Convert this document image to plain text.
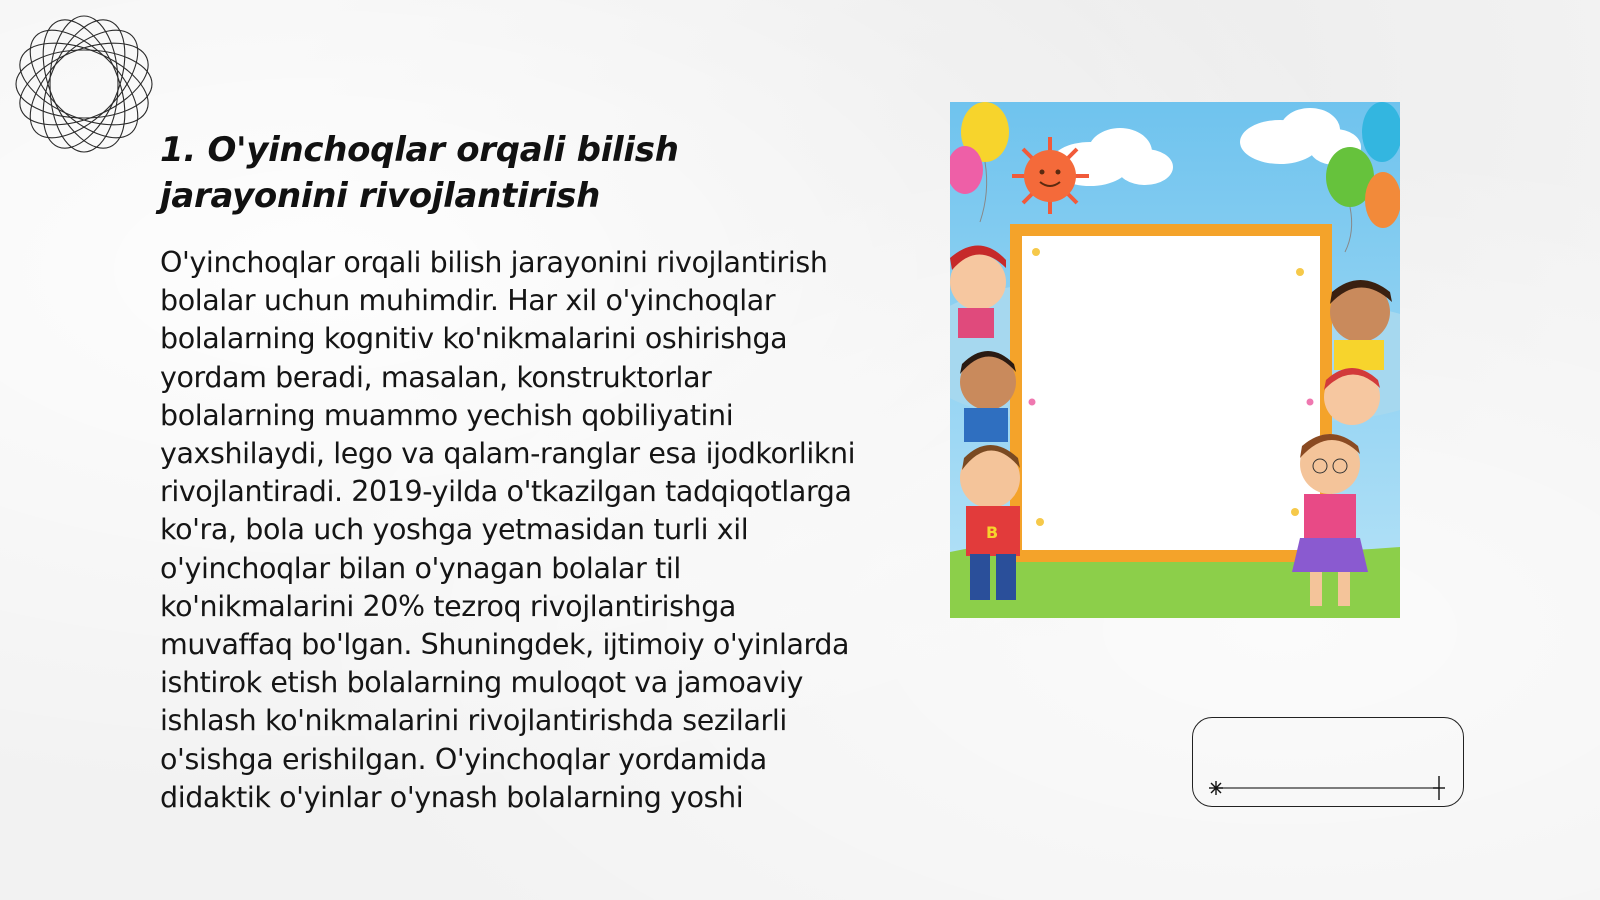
1. O'yinchoqlar orqali bilish jarayonini rivojlantirish
O'yinchoqlar orqali bilish jarayonini rivojlantirish bolalar uchun muhimdir. Har xil o'yinchoqlar bolalarning kognitiv ko'nikmalarini oshirishga yordam beradi, masalan, konstruktorlar bolalarning muammo yechish qobiliyatini yaxshilaydi, lego va qalam-ranglar esa ijodkorlikni rivojlantiradi. 2019-yilda o'tkazilgan tadqiqotlarga ko'ra, bola uch yoshga yetmasidan turli xil o'yinchoqlar bilan o'ynagan bolalar til ko'nikmalarini 20% tezroq rivojlantirishga muvaffaq bo'lgan. Shuningdek, ijtimoiy o'yinlarda ishtirok etish bolalarning muloqot va jamoaviy ishlash ko'nikmalarini rivojlantirishda sezilarli o'sishga erishilgan. O'yinchoqlar yordamida didaktik o'yinlar o'ynash bolalarning yoshi
B
